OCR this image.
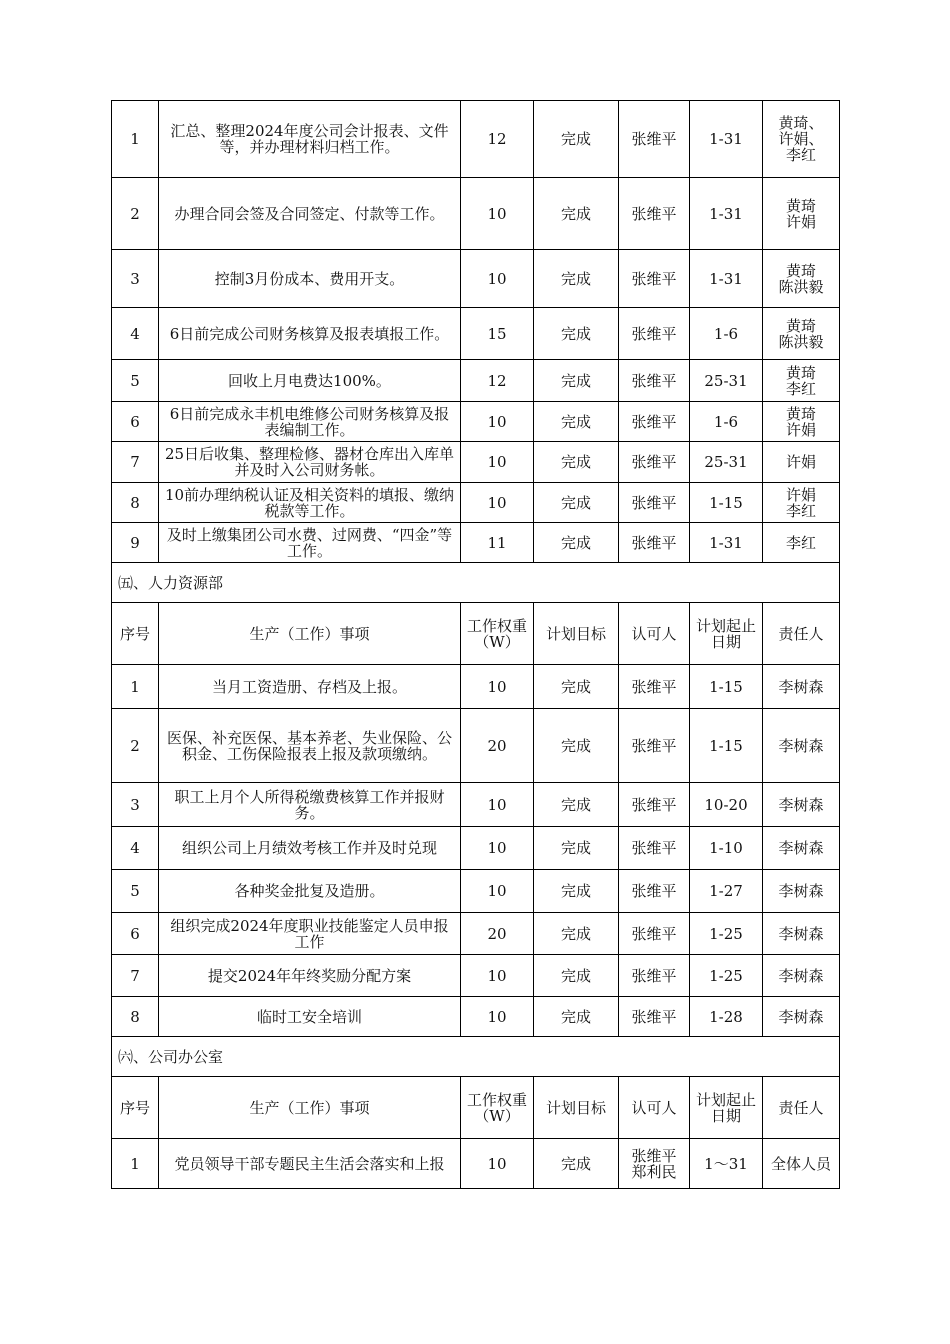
1	汇总、整理2024年度公司会计报表、文件等，并办理材料归档工作。	12	完成	张维平	1-31	黄琦、
许娟、
李红

2	办理合同会签及合同签定、付款等工作。	10	完成	张维平	1-31	黄琦
许娟

3	控制3月份成本、费用开支。	10	完成	张维平	1-31	黄琦
陈洪毅

4	6日前完成公司财务核算及报表填报工作。	15	完成	张维平	1-6	黄琦
陈洪毅

5	回收上月电费达100%。	12	完成	张维平	25-31	黄琦
李红

6	6日前完成永丰机电维修公司财务核算及报表编制工作。	10	完成	张维平	1-6	黄琦
许娟

7	25日后收集、整理检修、器材仓库出入库单并及时入公司财务帐。	10	完成	张维平	25-31	许娟

8	10前办理纳税认证及相关资料的填报、缴纳税款等工作。	10	完成	张维平	1-15	许娟
李红

9	及时上缴集团公司水费、过网费、“四金”等工作。	11	完成	张维平	1-31	李红

㈤、人力资源部						
序号	生产（工作）事项	工作权重（W）	计划目标	认可人	计划起止日期	责任人
1	当月工资造册、存档及上报。	10	完成	张维平	1-15	李树森
2	医保、补充医保、基本养老、失业保险、公积金、工伤保险报表上报及款项缴纳。	20	完成	张维平	1-15	李树森
3	职工上月个人所得税缴费核算工作并报财务。	10	完成	张维平	10-20	李树森
4	组织公司上月绩效考核工作并及时兑现	10	完成	张维平	1-10	李树森
5	各种奖金批复及造册。	10	完成	张维平	1-27	李树森
6	组织完成2024年度职业技能鉴定人员申报工作	20	完成	张维平	1-25	李树森
7	提交2024年年终奖励分配方案	10	完成	张维平	1-25	李树森
8	临时工安全培训	10	完成	张维平	1-28	李树森
㈥、公司办公室						
序号	生产（工作）事项	工作权重（W）	计划目标	认可人	计划起止日期	责任人
1	党员领导干部专题民主生活会落实和上报	10	完成	张维平
郑利民	1～31	全体人员
